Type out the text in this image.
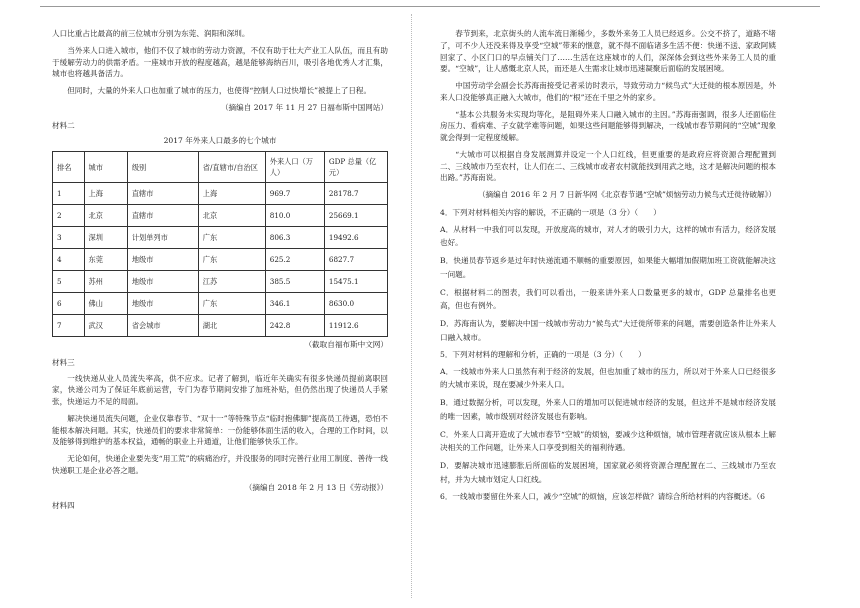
人口比重占比最高的前三位城市分别为东莞、润阳和深圳。

当外来人口进入城市，他们不仅了城市的劳动力资源，不仅有助于壮大产业工人队伍，而且有助于缓解劳动力的供需矛盾。一座城市开放的程度越高，越是能够海纳百川，吸引各地优秀人才汇集，城市也将越具备活力。

但同时，大量的外来人口也加重了城市的压力，也使得“控制人口过快增长”被提上了日程。

（摘编自 2017 年 11 月 27 日福布斯中国网站）

材料二
2017 年外来人口最多的七个城市
排名	城市	级别	省/直辖市/自治区	外来人口（万人）	GDP 总量（亿元）
1	上海	直辖市	上海	969.7	28178.7
2	北京	直辖市	北京	810.0	25669.1
3	深圳	计划单列市	广东	806.3	19492.6
4	东莞	地级市	广东	625.2	6827.7
5	苏州	地级市	江苏	385.5	15475.1
6	佛山	地级市	广东	346.1	8630.0
7	武汉	省会城市	湖北	242.8	11912.6

（截取自福布斯中文网）

材料三

一线快递从业人员流失率高，供不应求。记者了解到，临近年关确实有很多快递员提前离职回家，快递公司为了保证年底前运营，专门为春节期间安排了加班补贴，但仍然出现了快递员人手紧张，快递运力不足的局面。

解决快递员流失问题，企业仅靠春节、“双十一”等特殊节点“临时抱佛脚”提高员工待遇，恐怕不能根本解决问题。其实，快递员们的要求非常简单：一份能够体面生活的收入，合理的工作时间，以及能够得到维护的基本权益，通畅的职业上升通道，让他们能够快乐工作。

无论如何，快递企业要先变“用工荒”的病痛治疗，并没服务的同时完善行业用工制度、善待一线快递职工是企业必答之题。

（摘编自 2018 年 2 月 13 日《劳动报》）

材料四

春节到来，北京街头的人流车流日渐稀少，多数外来务工人员已经返乡。公交不挤了，道路不堵了，可不少人还没来得及享受“空城”带来的惬意，就不得不面临诸多生活不便：快递不送、家政阿姨回家了、小区门口的早点铺关门了……生活在这座城市的人们，深深体会到这些外来务工人员的重要。“空城”，让人感慨北京人民，而还是人生需求让城市迅速凝聚后面临的发展困境。

中国劳动学会副会长苏海南接受记者采访时表示，导致劳动力“候鸟式”大迁徙的根本原因是，外来人口没能够真正融入大城市，他们的“根”还在千里之外的家乡。

“基本公共服务未实现均等化，是阻碍外来人口融入城市的主因。”苏海南强调，很多人还面临住房压力、看病难、子女就学难等问题，如果这些问题能够得到解决，一线城市春节期间的“空城”现象就会得到一定程度缓解。

“大城市可以根据自身发展测算并设定一个人口红线，但更重要的是政府应将资源合理配置到二、三线城市乃至农村，让人们在二、三线城市或者农村就能找到用武之地，这才是解决问题的根本出路。”苏海南说。

（摘编自 2016 年 2 月 7 日新华网《北京春节遇“空城”烦恼劳动力候鸟式迁徙待破解》）

4．下列对材料相关内容的解说，不正确的一项是（3 分）（　　）

A．从材料一中我们可以发现，开放度高的城市，对人才的吸引力大，这样的城市有活力，经济发展也好。

B．快递员春节返乡是过年时快递流通不顺畅的重要原因，如果能大幅增加假期加班工资就能解决这一问题。

C．根据材料二的图表，我们可以看出，一般来讲外来人口数量更多的城市，GDP 总量排名也更高，但也有例外。

D．苏海南认为，要解决中国一线城市劳动力“候鸟式”大迁徙所带来的问题，需要创造条件让外来人口融入城市。

5．下列对材料的理解和分析，正确的一项是（3 分）（　　）

A．一线城市外来人口虽然有利于经济的发展，但也加重了城市的压力，所以对于外来人口已经很多的大城市来说，现在要减少外来人口。

B．通过数据分析，可以发现，外来人口的增加可以促进城市经济的发展，但这并不是城市经济发展的唯一因素，城市级别对经济发展也有影响。

C．外来人口离开造成了大城市春节“空城”的烦恼，要减少这种烦恼，城市管理者就应该从根本上解决相关的工作问题，让外来人口享受到相关的福利待遇。

D．要解决城市迅速膨胀后所面临的发展困境，国家就必须将资源合理配置在二、三线城市乃至农村，并为大城市划定人口红线。

6．一线城市要留住外来人口，减少“空城”的烦恼，应该怎样做？请综合所给材料的内容概述。（6
